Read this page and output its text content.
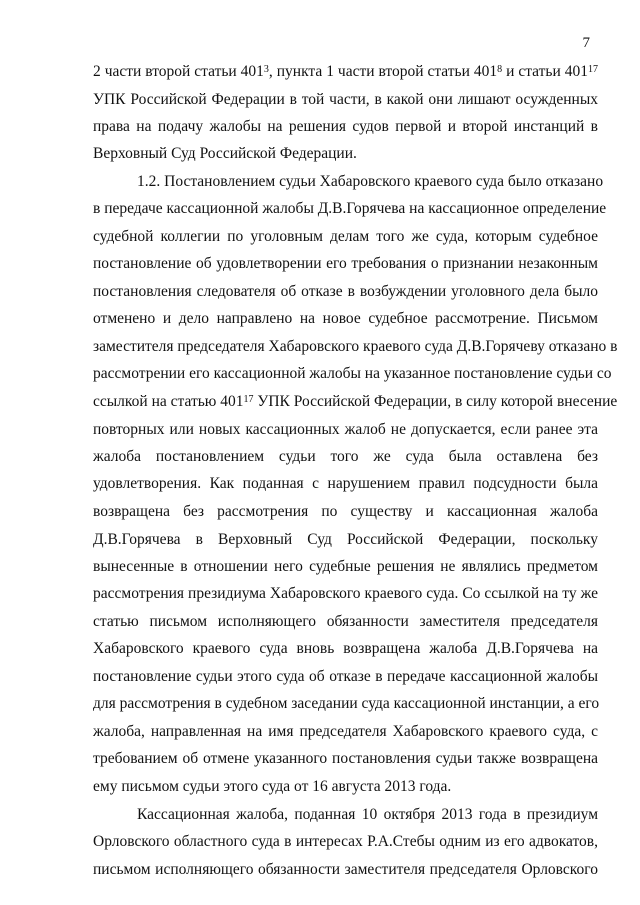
7
2 части второй статьи $401^3$, пункта 1 части второй статьи $401^8$ и статьи $401^{17}$
УПК Российской Федерации в той части, в какой они лишают осужденных
права на подачу жалобы на решения судов первой и второй инстанций в
Верховный Суд Российской Федерации.
1.2. Постановлением судьи Хабаровского краевого суда было отказано
в передаче кассационной жалобы Д.В.Горячева на кассационное определение
судебной коллегии по уголовным делам того же суда, которым судебное
постановление об удовлетворении его требования о признании незаконным
постановления следователя об отказе в возбуждении уголовного дела было
отменено и дело направлено на новое судебное рассмотрение. Письмом
заместителя председателя Хабаровского краевого суда Д.В.Горячеву отказано в
рассмотрении его кассационной жалобы на указанное постановление судьи со
ссылкой на статью $401^{17}$ УПК Российской Федерации, в силу которой внесение
повторных или новых кассационных жалоб не допускается, если ранее эта
жалоба постановлением судьи того же суда была оставлена без
удовлетворения. Как поданная с нарушением правил подсудности была
возвращена без рассмотрения по существу и кассационная жалоба
Д.В.Горячева в Верховный Суд Российской Федерации, поскольку
вынесенные в отношении него судебные решения не являлись предметом
рассмотрения президиума Хабаровского краевого суда. Со ссылкой на ту же
статью письмом исполняющего обязанности заместителя председателя
Хабаровского краевого суда вновь возвращена жалоба Д.В.Горячева на
постановление судьи этого суда об отказе в передаче кассационной жалобы
для рассмотрения в судебном заседании суда кассационной инстанции, а его
жалоба, направленная на имя председателя Хабаровского краевого суда, с
требованием об отмене указанного постановления судьи также возвращена
ему письмом судьи этого суда от 16 августа 2013 года.
Кассационная жалоба, поданная 10 октября 2013 года в президиум
Орловского областного суда в интересах Р.А.Стебы одним из его адвокатов,
письмом исполняющего обязанности заместителя председателя Орловского
